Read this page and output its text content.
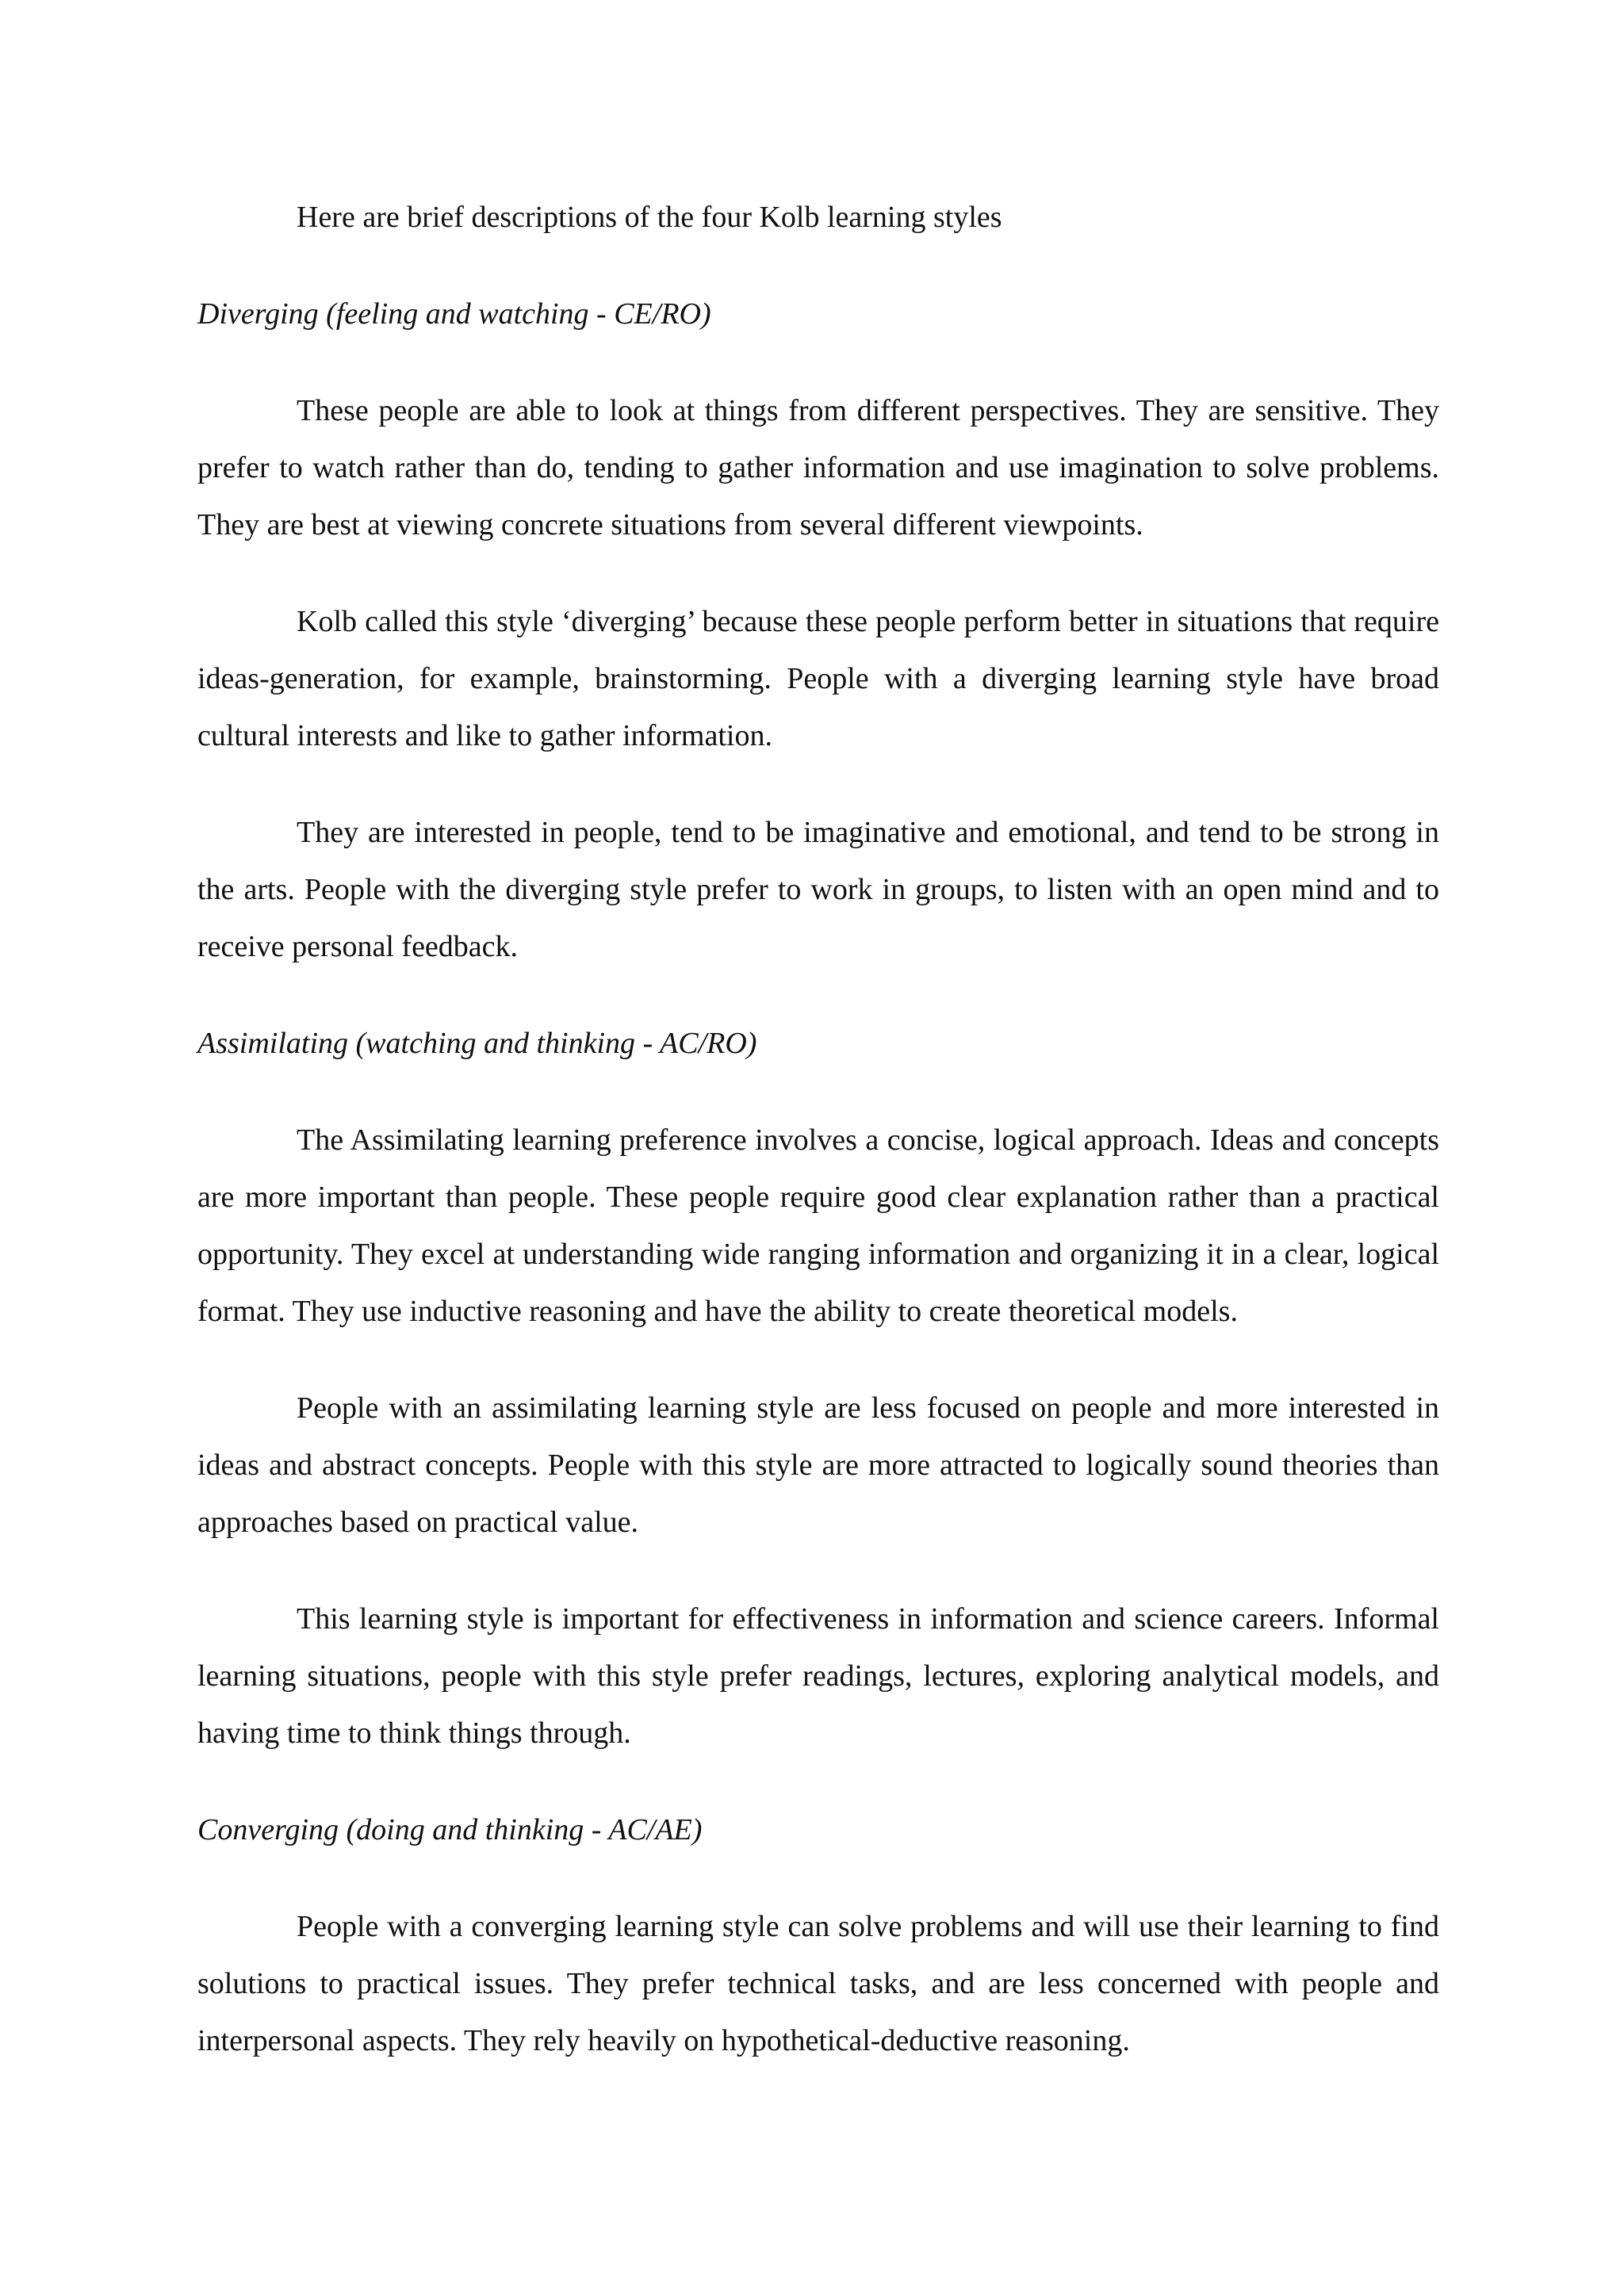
Here are brief descriptions of the four Kolb learning styles

Diverging (feeling and watching - CE/RO)

These people are able to look at things from different perspectives. They are sensitive. They prefer to watch rather than do, tending to gather information and use imagination to solve problems. They are best at viewing concrete situations from several different viewpoints.

Kolb called this style ‘diverging’ because these people perform better in situations that require ideas-generation, for example, brainstorming. People with a diverging learning style have broad cultural interests and like to gather information.

They are interested in people, tend to be imaginative and emotional, and tend to be strong in the arts. People with the diverging style prefer to work in groups, to listen with an open mind and to receive personal feedback.

Assimilating (watching and thinking - AC/RO)

The Assimilating learning preference involves a concise, logical approach. Ideas and concepts are more important than people. These people require good clear explanation rather than a practical opportunity. They excel at understanding wide ranging information and organizing it in a clear, logical format. They use inductive reasoning and have the ability to create theoretical models.

People with an assimilating learning style are less focused on people and more interested in ideas and abstract concepts. People with this style are more attracted to logically sound theories than approaches based on practical value.

This learning style is important for effectiveness in information and science careers. Informal learning situations, people with this style prefer readings, lectures, exploring analytical models, and having time to think things through.

Converging (doing and thinking - AC/AE)

People with a converging learning style can solve problems and will use their learning to find solutions to practical issues. They prefer technical tasks, and are less concerned with people and interpersonal aspects. They rely heavily on hypothetical-deductive reasoning.
